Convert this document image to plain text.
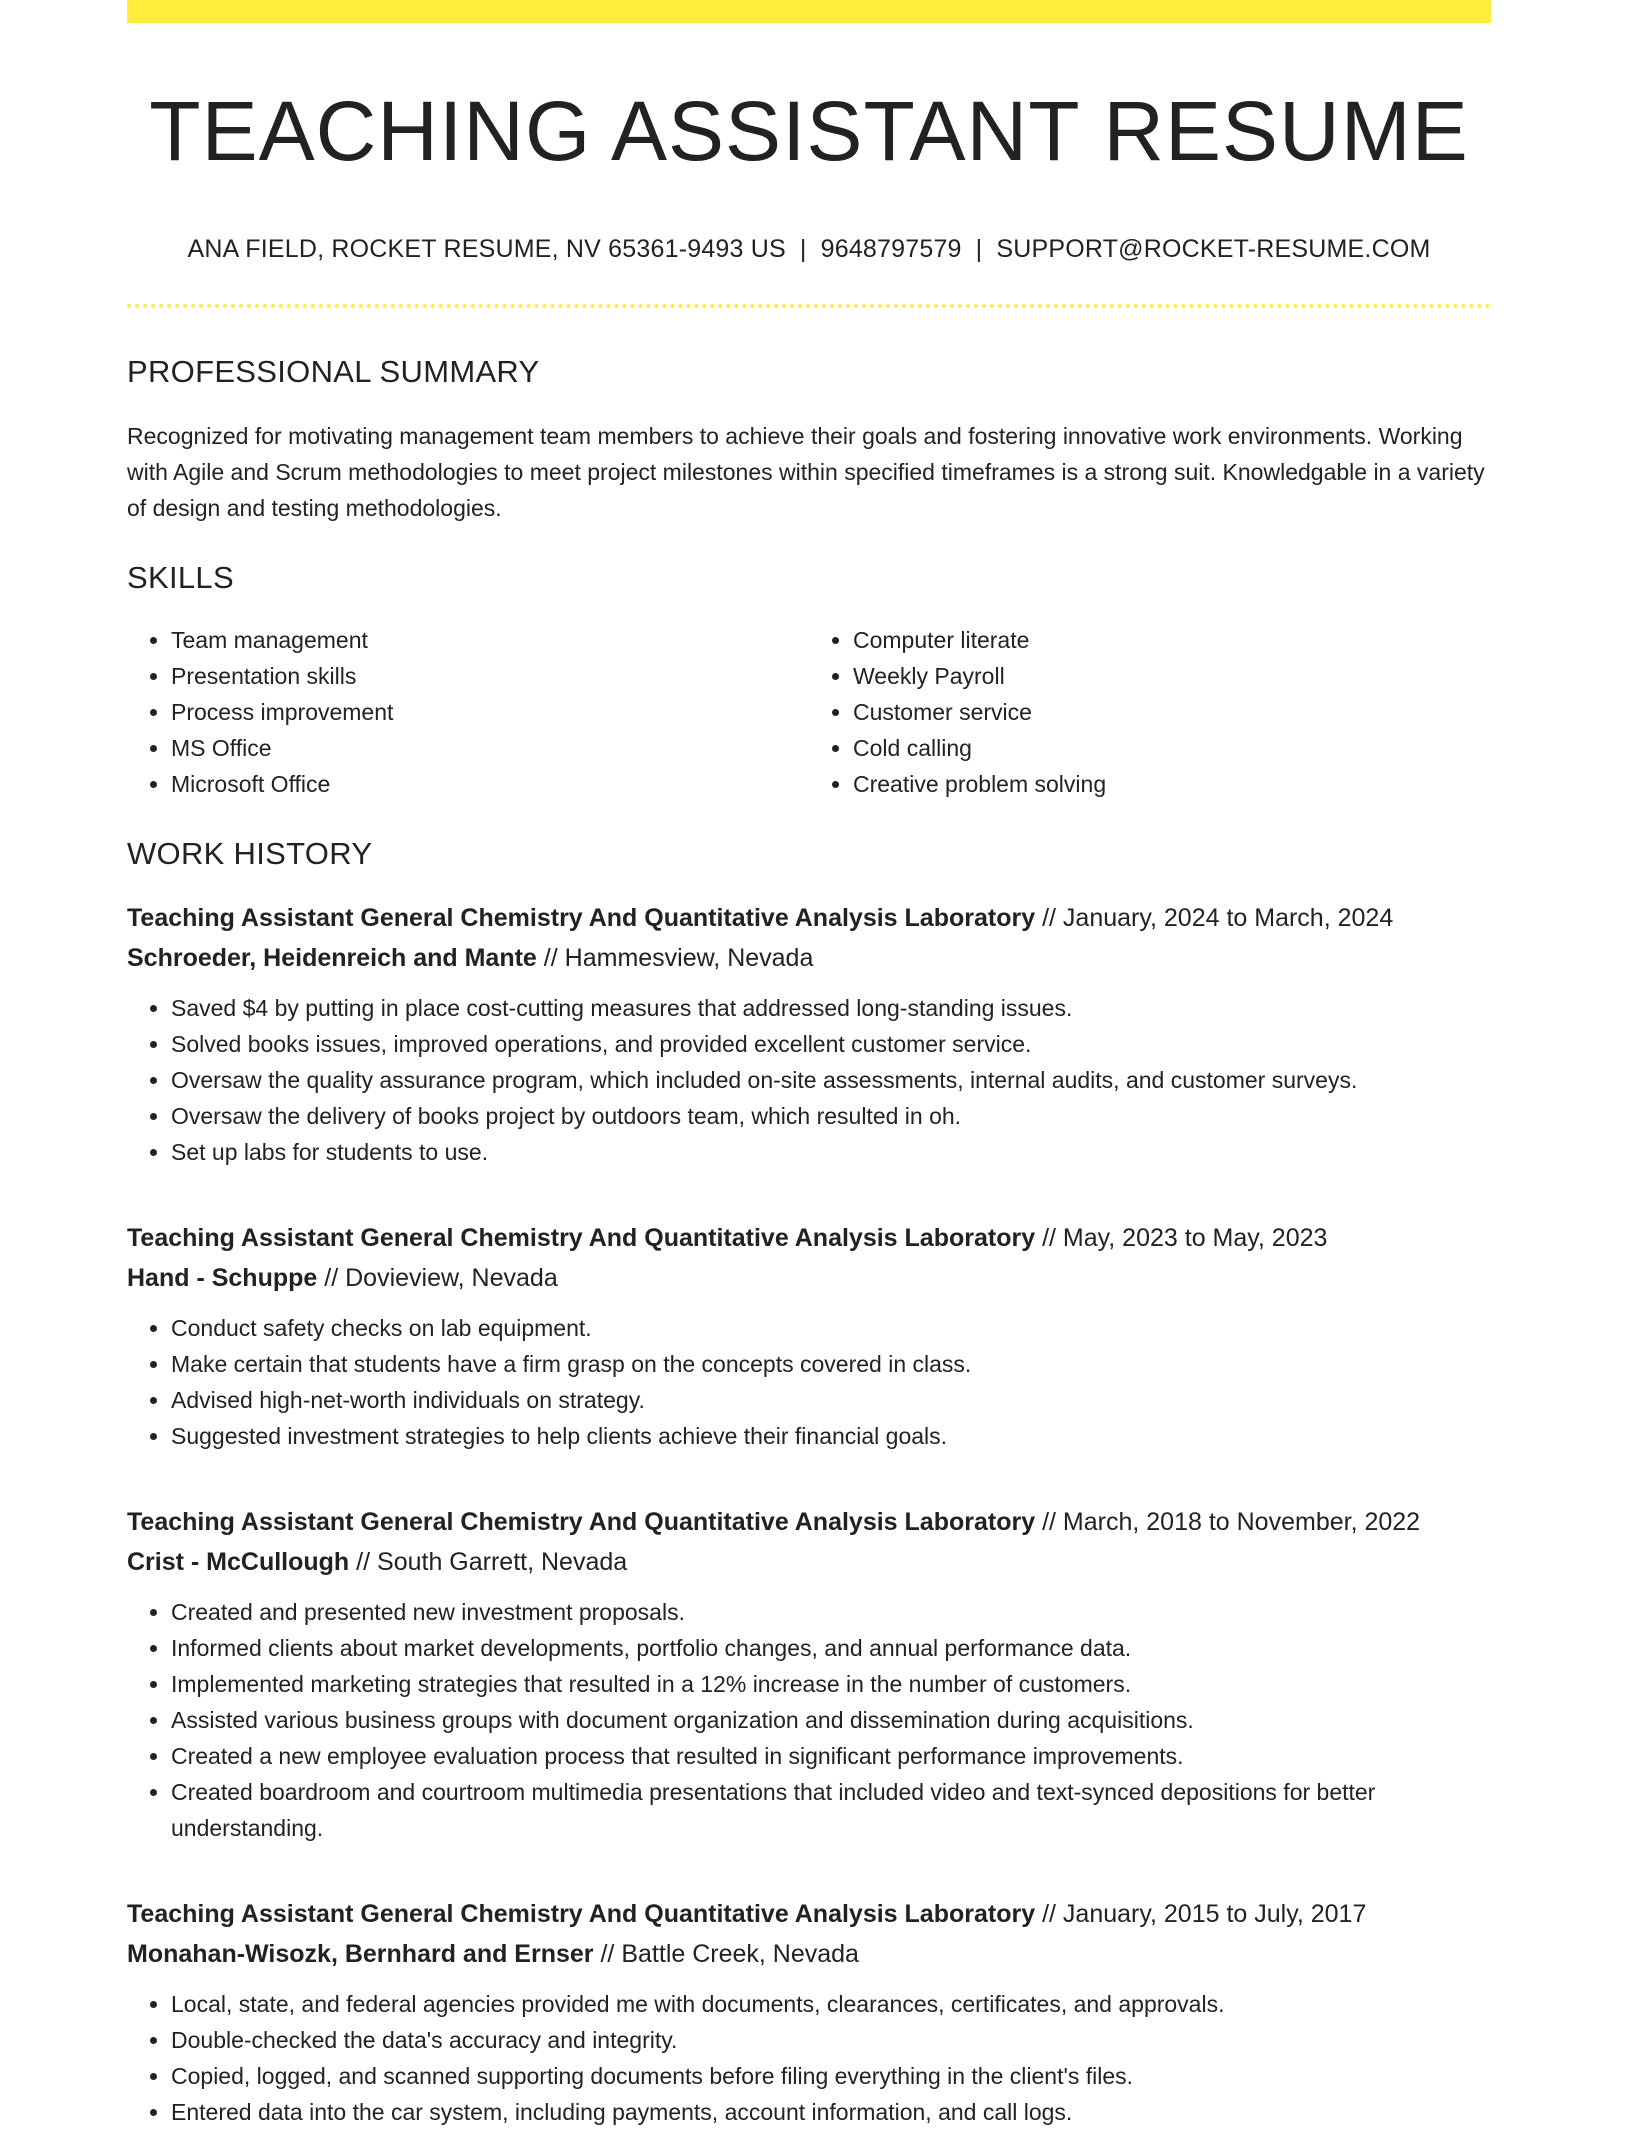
TEACHING ASSISTANT RESUME
ANA FIELD, ROCKET RESUME, NV 65361-9493 US | 9648797579 | SUPPORT@ROCKET-RESUME.COM
PROFESSIONAL SUMMARY

Recognized for motivating management team members to achieve their goals and fostering innovative work environments. Working with Agile and Scrum methodologies to meet project milestones within specified timeframes is a strong suit. Knowledgable in a variety of design and testing methodologies.

SKILLS
• Team management
• Presentation skills
• Process improvement
• MS Office
• Microsoft Office
• Computer literate
• Weekly Payroll
• Customer service
• Cold calling
• Creative problem solving
WORK HISTORY
Teaching Assistant General Chemistry And Quantitative Analysis Laboratory // January, 2024 to March, 2024
Schroeder, Heidenreich and Mante // Hammesview, Nevada
• Saved $4 by putting in place cost-cutting measures that addressed long-standing issues.
• Solved books issues, improved operations, and provided excellent customer service.
• Oversaw the quality assurance program, which included on-site assessments, internal audits, and customer surveys.
• Oversaw the delivery of books project by outdoors team, which resulted in oh.
• Set up labs for students to use.
Teaching Assistant General Chemistry And Quantitative Analysis Laboratory // May, 2023 to May, 2023
Hand - Schuppe // Dovieview, Nevada
• Conduct safety checks on lab equipment.
• Make certain that students have a firm grasp on the concepts covered in class.
• Advised high-net-worth individuals on strategy.
• Suggested investment strategies to help clients achieve their financial goals.
Teaching Assistant General Chemistry And Quantitative Analysis Laboratory // March, 2018 to November, 2022
Crist - McCullough // South Garrett, Nevada
• Created and presented new investment proposals.
• Informed clients about market developments, portfolio changes, and annual performance data.
• Implemented marketing strategies that resulted in a 12% increase in the number of customers.
• Assisted various business groups with document organization and dissemination during acquisitions.
• Created a new employee evaluation process that resulted in significant performance improvements.
• Created boardroom and courtroom multimedia presentations that included video and text-synced depositions for better understanding.
Teaching Assistant General Chemistry And Quantitative Analysis Laboratory // January, 2015 to July, 2017
Monahan-Wisozk, Bernhard and Ernser // Battle Creek, Nevada
• Local, state, and federal agencies provided me with documents, clearances, certificates, and approvals.
• Double-checked the data's accuracy and integrity.
• Copied, logged, and scanned supporting documents before filing everything in the client's files.
• Entered data into the car system, including payments, account information, and call logs.
